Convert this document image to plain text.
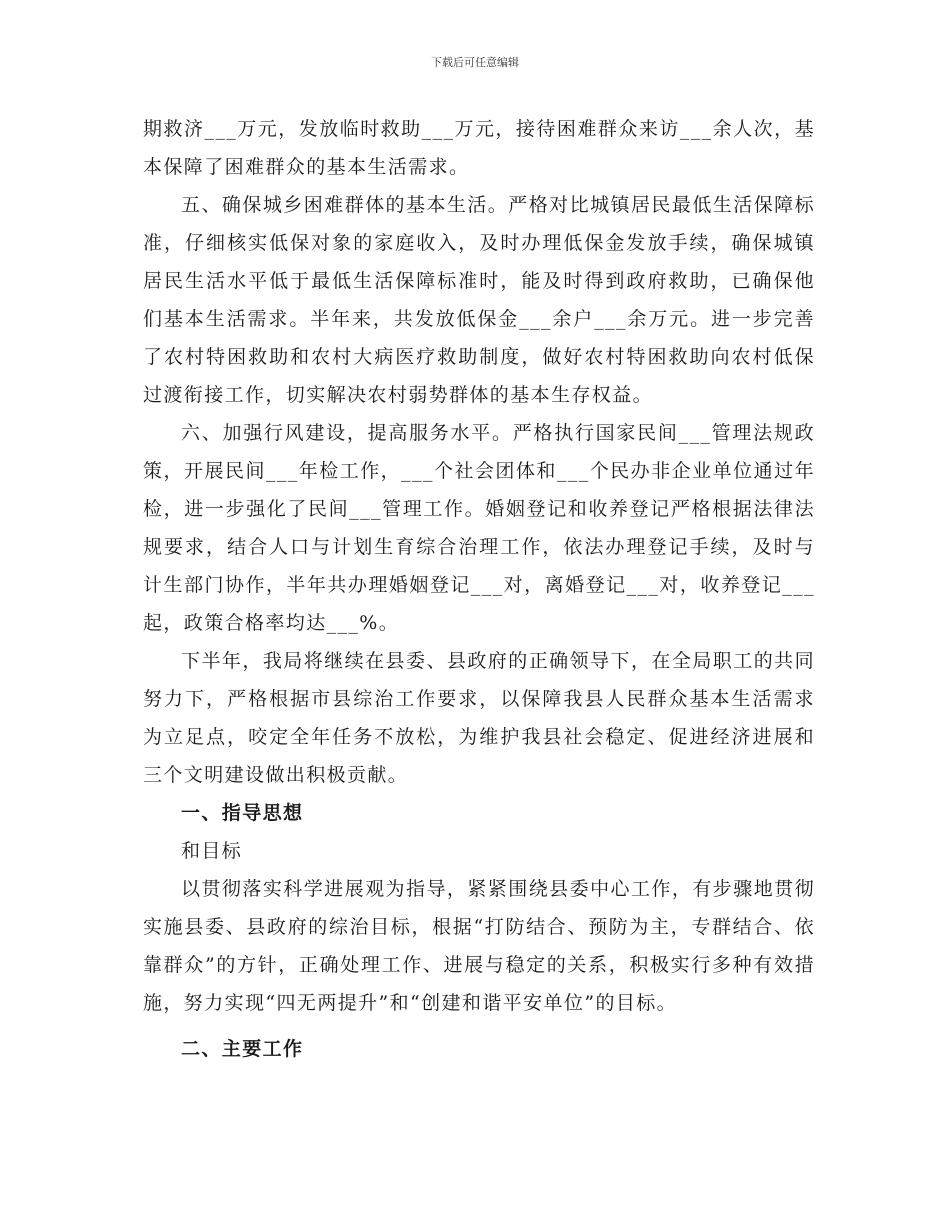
下载后可任意编辑

期救济___万元，发放临时救助___万元，接待困难群众来访___余人次，基本保障了困难群众的基本生活需求。

五、确保城乡困难群体的基本生活。严格对比城镇居民最低生活保障标准，仔细核实低保对象的家庭收入，及时办理低保金发放手续，确保城镇居民生活水平低于最低生活保障标准时，能及时得到政府救助，已确保他们基本生活需求。半年来，共发放低保金___余户___余万元。进一步完善了农村特困救助和农村大病医疗救助制度，做好农村特困救助向农村低保过渡衔接工作，切实解决农村弱势群体的基本生存权益。

六、加强行风建设，提高服务水平。严格执行国家民间___管理法规政策，开展民间___年检工作，___个社会团体和___个民办非企业单位通过年检，进一步强化了民间___管理工作。婚姻登记和收养登记严格根据法律法规要求，结合人口与计划生育综合治理工作，依法办理登记手续，及时与计生部门协作，半年共办理婚姻登记___对，离婚登记___对，收养登记___起，政策合格率均达___%。

下半年，我局将继续在县委、县政府的正确领导下，在全局职工的共同努力下，严格根据市县综治工作要求，以保障我县人民群众基本生活需求为立足点，咬定全年任务不放松，为维护我县社会稳定、促进经济进展和三个文明建设做出积极贡献。

一、指导思想

和目标

以贯彻落实科学进展观为指导，紧紧围绕县委中心工作，有步骤地贯彻实施县委、县政府的综治目标，根据“打防结合、预防为主，专群结合、依靠群众”的方针，正确处理工作、进展与稳定的关系，积极实行多种有效措施，努力实现“四无两提升”和“创建和谐平安单位”的目标。

二、主要工作
